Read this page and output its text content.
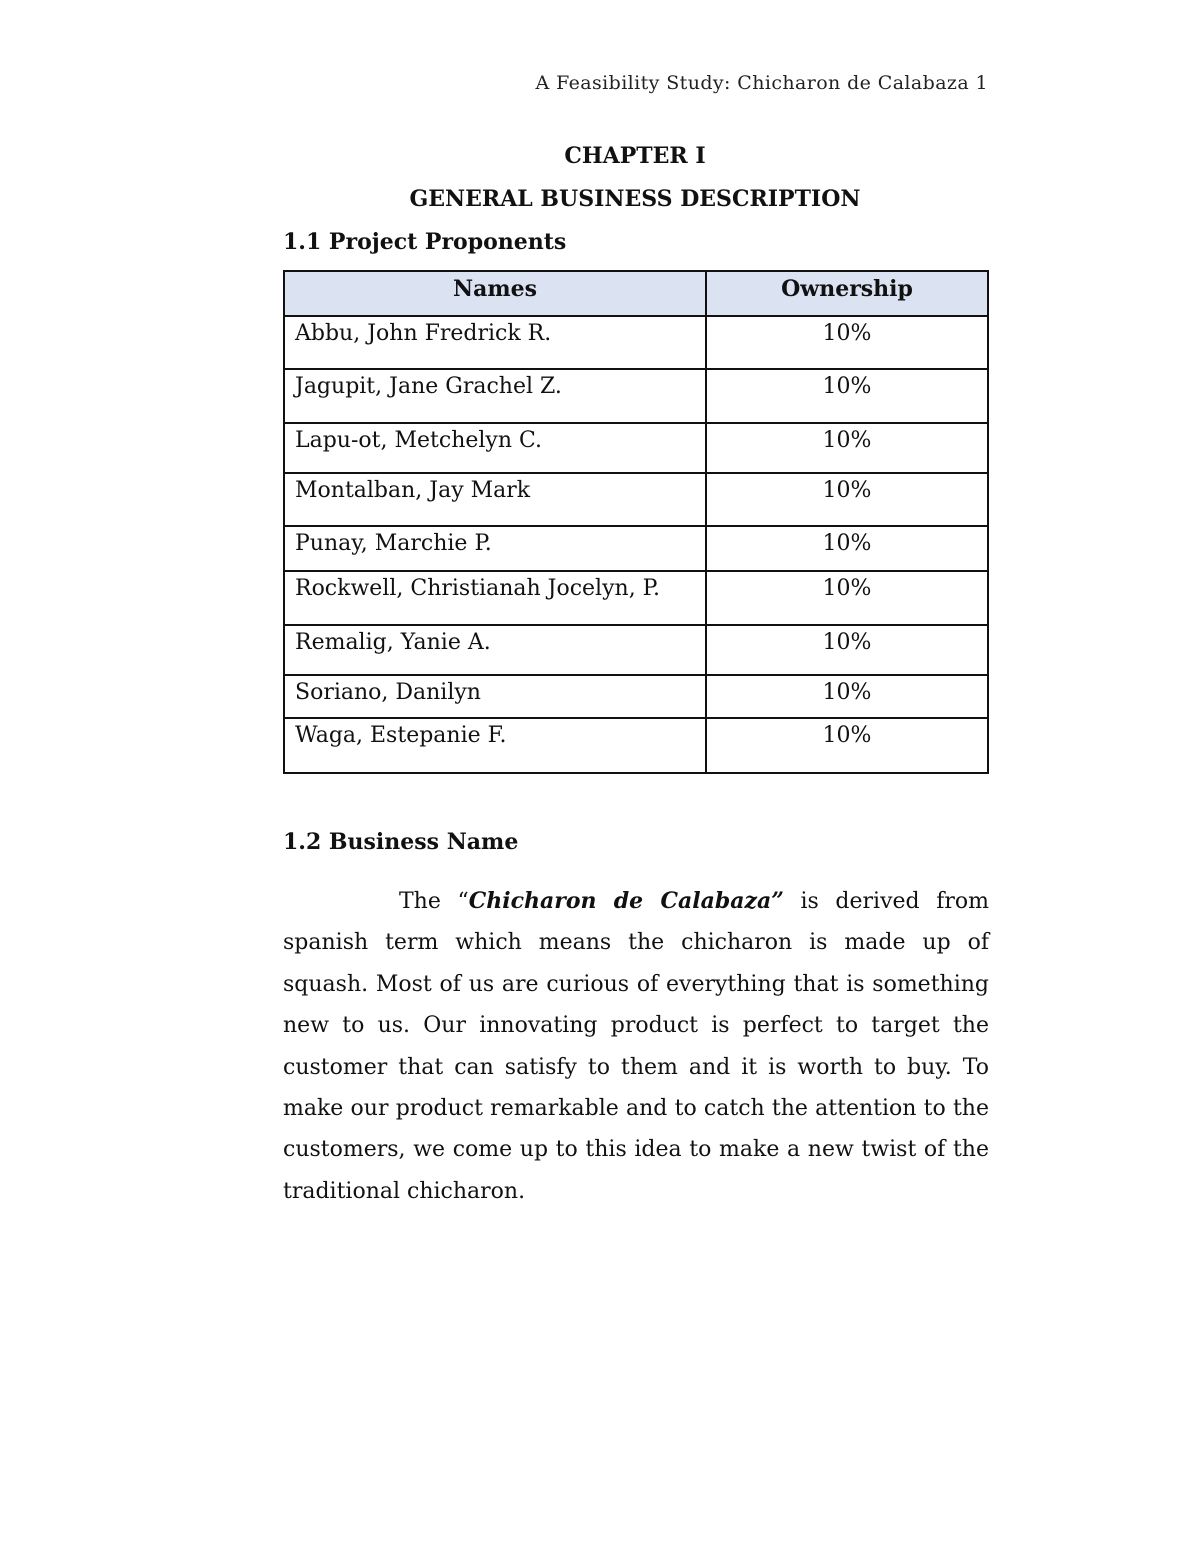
A Feasibility Study: Chicharon de Calabaza 1
CHAPTER I
GENERAL BUSINESS DESCRIPTION
1.1 Project Proponents
Names	Ownership
Abbu, John Fredrick R.	10%
Jagupit, Jane Grachel Z.	10%
Lapu-ot, Metchelyn C.	10%
Montalban, Jay Mark	10%
Punay, Marchie P.	10%
Rockwell, Christianah Jocelyn, P.	10%
Remalig, Yanie A.	10%
Soriano, Danilyn	10%
Waga, Estepanie F.	10%
1.2 Business Name

The “Chicharon de Calabaza” is derived from spanish term which means the chicharon is made up of squash. Most of us are curious of everything that is something new to us. Our innovating product is perfect to target the customer that can satisfy to them and it is worth to buy. To make our product remarkable and to catch the attention to the customers, we come up to this idea to make a new twist of the traditional chicharon.
